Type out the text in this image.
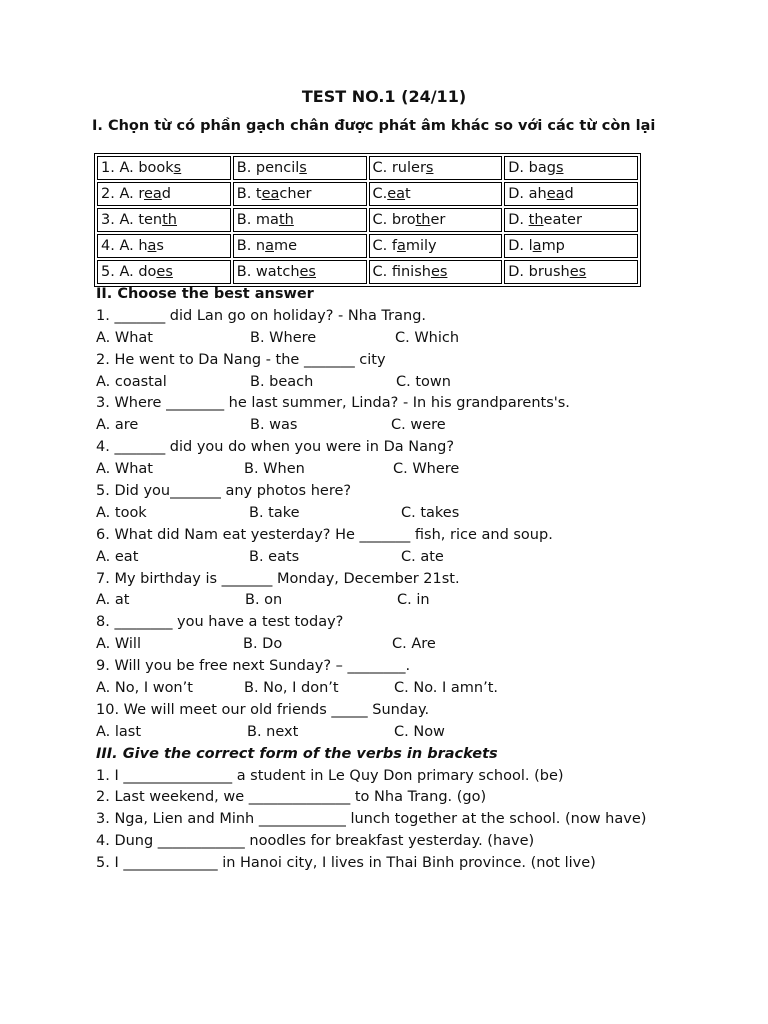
TEST NO.1 (24/11)
I. Chọn từ có phần gạch chân được phát âm khác so với các từ còn lại
1. A. books	B. pencils	C. rulers	D. bags
2. A. read	B. teacher	C.eat	D. ahead
3. A. tenth	B. math	C. brother	D. theater
4. A. has	B. name	C. family	D. lamp
5. A. does	B. watches	C. finishes	D. brushes
II. Choose the best answer
1. _______ did Lan go on holiday? - Nha Trang.
A. What	B. Where	C. Which
2. He went to Da Nang - the _______ city
A. coastal	B. beach	C. town
3. Where ________ he last summer, Linda? - In his grandparents's.
A. are	B. was	C. were
4. _______ did you do when you were in Da Nang?
A. What	B. When	C. Where
5. Did you_______ any photos here?
A. took	B. take	C. takes
6. What did Nam eat yesterday? He _______ fish, rice and soup.
A. eat	B. eats	C. ate
7. My birthday is _______ Monday, December 21st.
A. at	B. on	C. in
8. ________ you have a test today?
A. Will	B. Do	C. Are
9. Will you be free next Sunday? – ________.
A. No, I won’t	B. No, I don’t	C. No. I amn’t.
10. We will meet our old friends _____ Sunday.
A. last	B. next	C. Now
III. Give the correct form of the verbs in brackets
1. I _______________ a student in Le Quy Don primary school. (be)
2. Last weekend, we ______________ to Nha Trang. (go)
3. Nga, Lien and Minh ____________ lunch together at the school. (now have)
4. Dung ____________ noodles for breakfast yesterday. (have)
5. I _____________ in Hanoi city, I lives in Thai Binh province. (not live)
